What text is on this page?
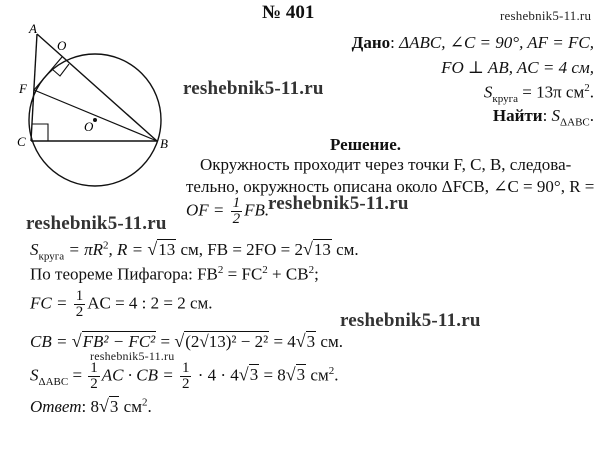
№ 401	reshebnik5-11.ru
A
O
F
O
C	B
reshebnik5-11.ru
Дано: ΔABC, ∠C = 90°, AF = FC,
FO ⊥ AB, AC = 4 см,
$S_{круга} = 13\pi$ $см^2$.
Найти: $S_{\Delta ABC}$.
Решение.
Окружность проходит через точки F, C, B, следова-
тельно, окружность описана около ΔFCB, ∠C = 90°, R =
OF = $\frac{1}{2}$ FB.
reshebnik5-11.ru
reshebnik5-11.ru
$S_{круга} = \pi R^2$, R = √13 см, FB = 2FO = 2√13 см.
По теореме Пифагора: $FB^2 = FC^2 + CB^2$;
FC = $\frac{1}{2}$ AC = 4 : 2 = 2 см.
reshebnik5-11.ru
CB = √FB² − FC² = √(2√13)² − 2² = 4√3 см.
reshebnik5-11.ru
$S_{\Delta ABC} = \frac{1}{2}$ AC · CB = $\frac{1}{2} \cdot 4 \cdot 4√3 = 8√3$ $см^2$.
Ответ: 8√3 $см^2$.
